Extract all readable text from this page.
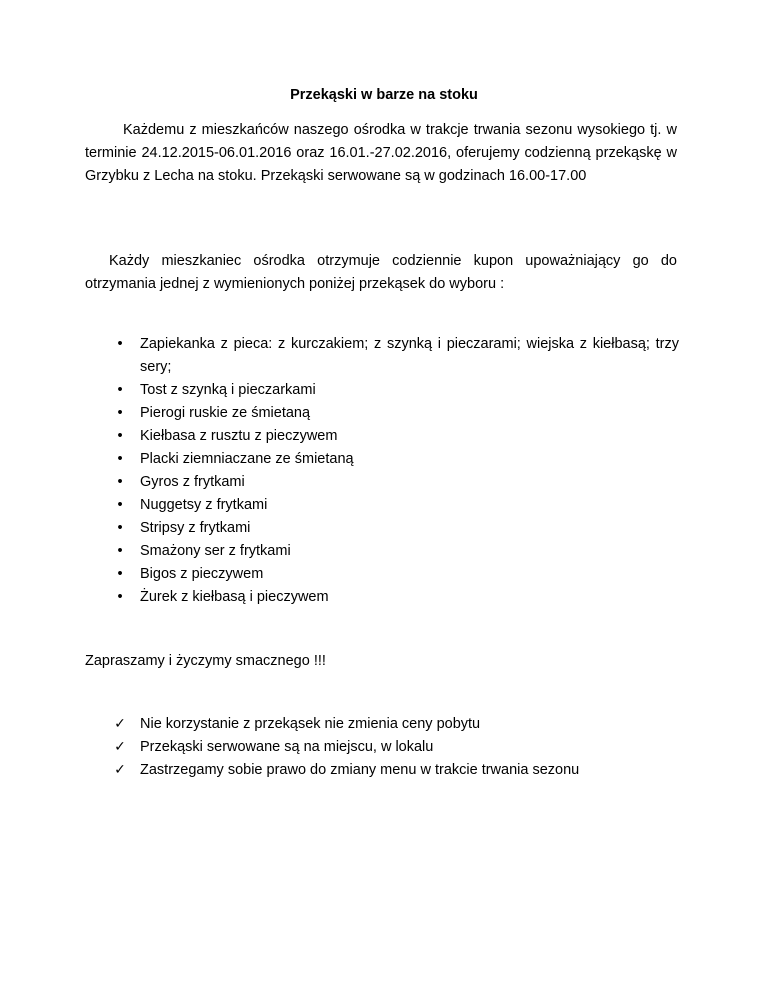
Przekąski w barze na stoku

Każdemu z mieszkańców naszego ośrodka w trakcje trwania sezonu wysokiego tj. w terminie 24.12.2015-06.01.2016 oraz 16.01.-27.02.2016, oferujemy codzienną przekąskę w Grzybku z Lecha na stoku. Przekąski serwowane są w godzinach 16.00-17.00

Każdy mieszkaniec ośrodka otrzymuje codziennie kupon upoważniający go do otrzymania jednej z wymienionych poniżej przekąsek do wyboru :

• Zapiekanka z pieca: z kurczakiem; z szynką i pieczarami; wiejska z kiełbasą; trzy sery;
• Tost z szynką i pieczarkami
• Pierogi ruskie ze śmietaną
• Kiełbasa z rusztu z pieczywem
• Placki ziemniaczane ze śmietaną
• Gyros z frytkami
• Nuggetsy z frytkami
• Stripsy z frytkami
• Smażony ser z frytkami
• Bigos z pieczywem
• Żurek z kiełbasą i pieczywem
Zapraszamy i życzymy smacznego !!!
✓ Nie korzystanie z przekąsek nie zmienia ceny pobytu
✓ Przekąski serwowane są na miejscu, w lokalu
✓ Zastrzegamy sobie prawo do zmiany menu w trakcie trwania sezonu
